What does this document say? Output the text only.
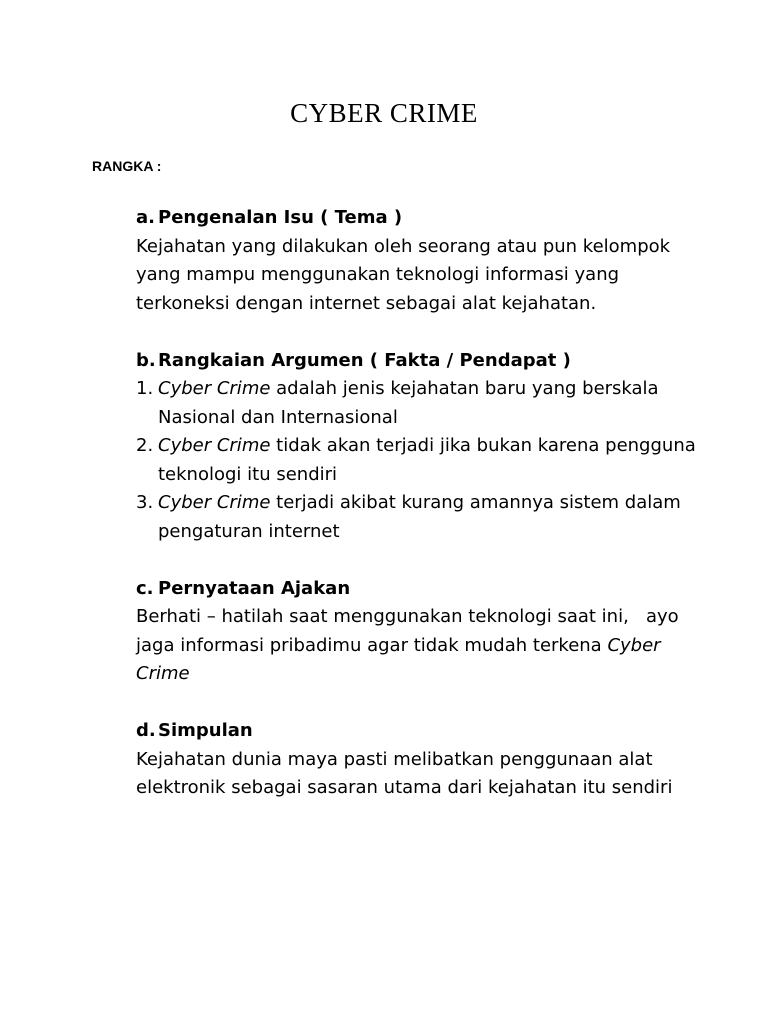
CYBER CRIME

RANGKA :

a. Pengenalan Isu ( Tema )

Kejahatan yang dilakukan oleh seorang atau pun kelompok yang mampu menggunakan teknologi informasi yang terkoneksi dengan internet sebagai alat kejahatan.

b. Rangkaian Argumen ( Fakta / Pendapat )
1. Cyber Crime adalah jenis kejahatan baru yang berskala Nasional dan Internasional
2. Cyber Crime tidak akan terjadi jika bukan karena pengguna teknologi itu sendiri
3. Cyber Crime terjadi akibat kurang amannya sistem dalam pengaturan internet
c. Pernyataan Ajakan

Berhati – hatilah saat menggunakan teknologi saat ini,   ayo jaga informasi pribadimu agar tidak mudah terkena Cyber Crime

d. Simpulan

Kejahatan dunia maya pasti melibatkan penggunaan alat elektronik sebagai sasaran utama dari kejahatan itu sendiri
